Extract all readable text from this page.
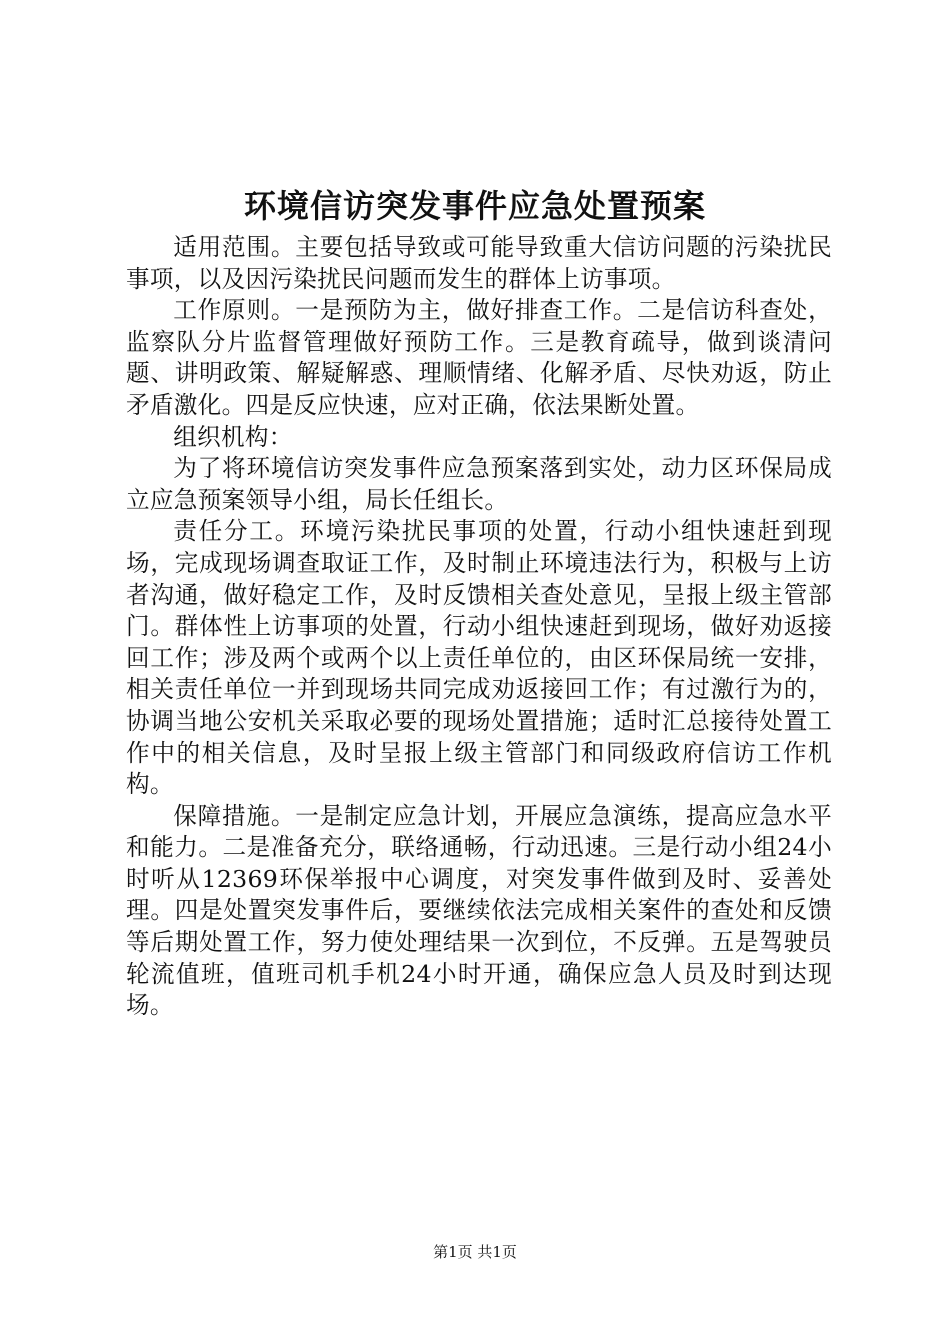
环境信访突发事件应急处置预案

适用范围。主要包括导致或可能导致重大信访问题的污染扰民事项，以及因污染扰民问题而发生的群体上访事项。

工作原则。一是预防为主，做好排查工作。二是信访科查处，监察队分片监督管理做好预防工作。三是教育疏导，做到谈清问题、讲明政策、解疑解惑、理顺情绪、化解矛盾、尽快劝返，防止矛盾激化。四是反应快速，应对正确，依法果断处置。

组织机构：

为了将环境信访突发事件应急预案落到实处，动力区环保局成立应急预案领导小组，局长任组长。

责任分工。环境污染扰民事项的处置，行动小组快速赶到现场，完成现场调查取证工作，及时制止环境违法行为，积极与上访者沟通，做好稳定工作，及时反馈相关查处意见，呈报上级主管部门。群体性上访事项的处置，行动小组快速赶到现场，做好劝返接回工作；涉及两个或两个以上责任单位的，由区环保局统一安排，相关责任单位一并到现场共同完成劝返接回工作；有过激行为的，协调当地公安机关采取必要的现场处置措施；适时汇总接待处置工作中的相关信息，及时呈报上级主管部门和同级政府信访工作机构。

保障措施。一是制定应急计划，开展应急演练，提高应急水平和能力。二是准备充分，联络通畅，行动迅速。三是行动小组24小时听从12369环保举报中心调度，对突发事件做到及时、妥善处理。四是处置突发事件后，要继续依法完成相关案件的查处和反馈等后期处置工作，努力使处理结果一次到位，不反弹。五是驾驶员轮流值班，值班司机手机24小时开通，确保应急人员及时到达现场。

第1页 共1页
